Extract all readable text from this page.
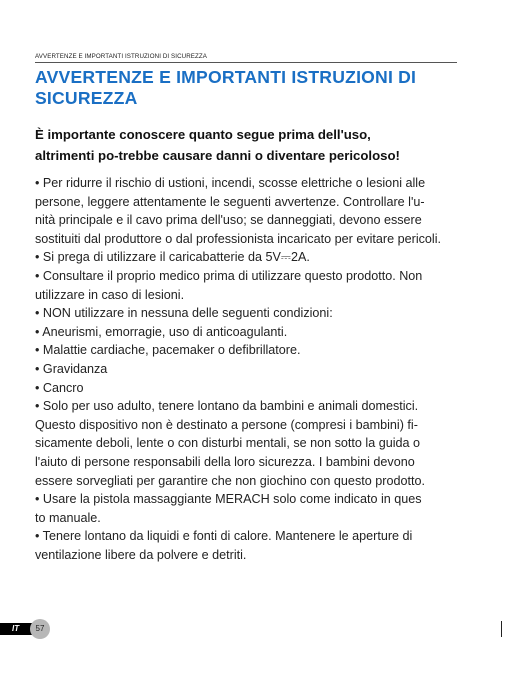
AVVERTENZE E IMPORTANTI ISTRUZIONI DI SICUREZZA
AVVERTENZE E IMPORTANTI ISTRUZIONI DI
SICUREZZA

È importante conoscere quanto segue prima dell'uso,
altrimenti po-trebbe causare danni o diventare pericoloso!

• Per ridurre il rischio di ustioni, incendi, scosse elettriche o lesioni alle
persone, leggere attentamente le seguenti avvertenze. Controllare l'u-
nità principale e il cavo prima dell'uso; se danneggiati, devono essere
sostituiti dal produttore o dal professionista incaricato per evitare pericoli.
• Si prega di utilizzare il caricabatterie da 5V⎓2A.
• Consultare il proprio medico prima di utilizzare questo prodotto. Non
utilizzare in caso di lesioni.
• NON utilizzare in nessuna delle seguenti condizioni:
• Aneurismi, emorragie, uso di anticoagulanti.
• Malattie cardiache, pacemaker o defibrillatore.
• Gravidanza
• Cancro
• Solo per uso adulto, tenere lontano da bambini e animali domestici.
Questo dispositivo non è destinato a persone (compresi i bambini) fi-
sicamente deboli, lente o con disturbi mentali, se non sotto la guida o
l'aiuto di persone responsabili della loro sicurezza. I bambini devono
essere sorvegliati per garantire che non giochino con questo prodotto.
• Usare la pistola massaggiante MERACH solo come indicato in ques
to manuale.
• Tenere lontano da liquidi e fonti di calore. Mantenere le aperture di
ventilazione libere da polvere e detriti.
IT	57
